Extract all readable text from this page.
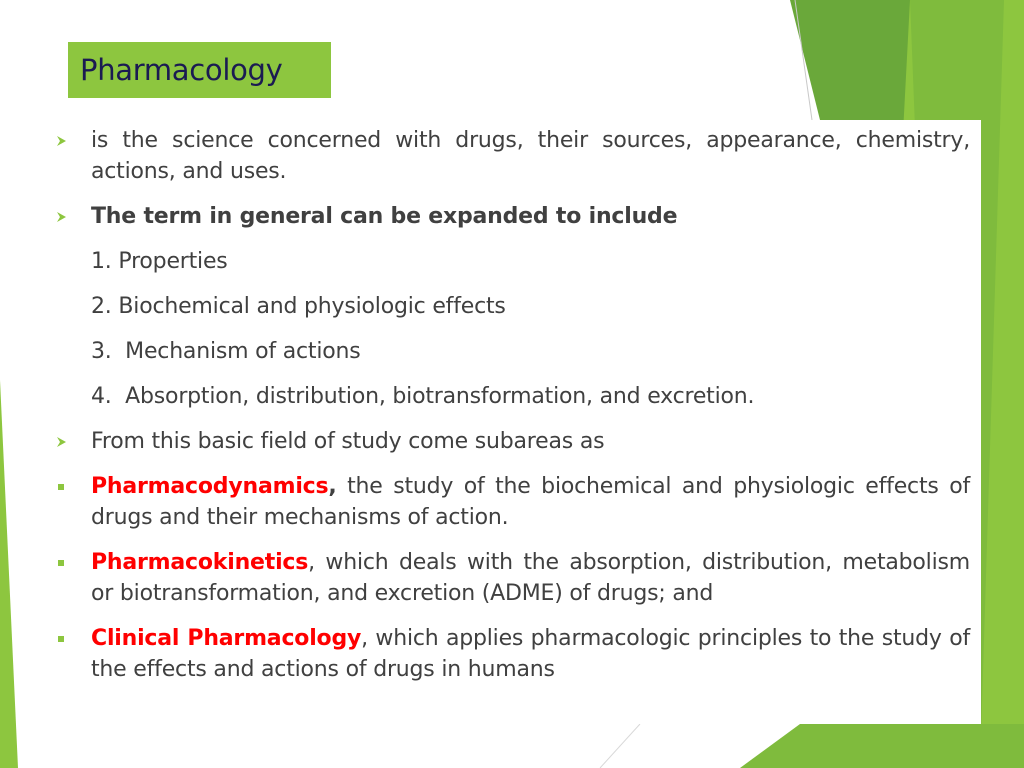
Pharmacology
is the science concerned with drugs, their sources, appearance, chemistry, actions, and uses.
The term in general can be expanded to include
1. Properties
2. Biochemical and physiologic effects
3.  Mechanism of actions
4.  Absorption, distribution, biotransformation, and excretion.
From this basic field of study come subareas as
Pharmacodynamics, the study of the biochemical and physiologic effects of drugs and their mechanisms of action.
Pharmacokinetics, which deals with the absorption, distribution, metabolism or biotransformation, and excretion (ADME) of drugs; and
Clinical Pharmacology, which applies pharmacologic principles to the study of the effects and actions of drugs in humans
